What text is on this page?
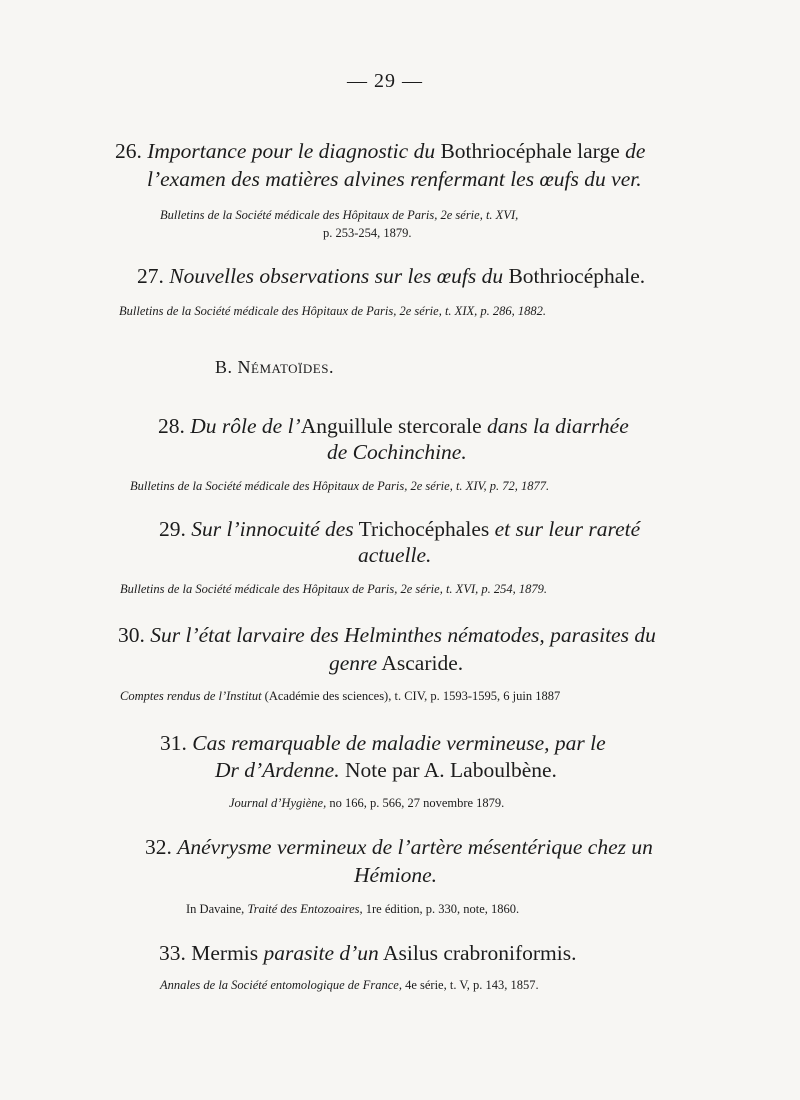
— 29 —
26. Importance pour le diagnostic du Bothriocéphale large de
l’examen des matières alvines renfermant les œufs du ver.
Bulletins de la Société médicale des Hôpitaux de Paris, 2e série, t. XVI,
p. 253-254, 1879.
27. Nouvelles observations sur les œufs du Bothriocéphale.
Bulletins de la Société médicale des Hôpitaux de Paris, 2e série, t. XIX, p. 286, 1882.
B. Nématoïdes.
28. Du rôle de l’Anguillule stercorale dans la diarrhée
de Cochinchine.
Bulletins de la Société médicale des Hôpitaux de Paris, 2e série, t. XIV, p. 72, 1877.
29. Sur l’innocuité des Trichocéphales et sur leur rareté
actuelle.
Bulletins de la Société médicale des Hôpitaux de Paris, 2e série, t. XVI, p. 254, 1879.
30. Sur l’état larvaire des Helminthes nématodes, parasites du
genre Ascaride.
Comptes rendus de l’Institut (Académie des sciences), t. CIV, p. 1593-1595, 6 juin 1887
31. Cas remarquable de maladie vermineuse, par le
Dr d’Ardenne. Note par A. Laboulbène.
Journal d’Hygiène, no 166, p. 566, 27 novembre 1879.
32. Anévrysme vermineux de l’artère mésentérique chez un
Hémione.
In Davaine, Traité des Entozoaires, 1re édition, p. 330, note, 1860.
33. Mermis parasite d’un Asilus crabroniformis.
Annales de la Société entomologique de France, 4e série, t. V, p. 143, 1857.
